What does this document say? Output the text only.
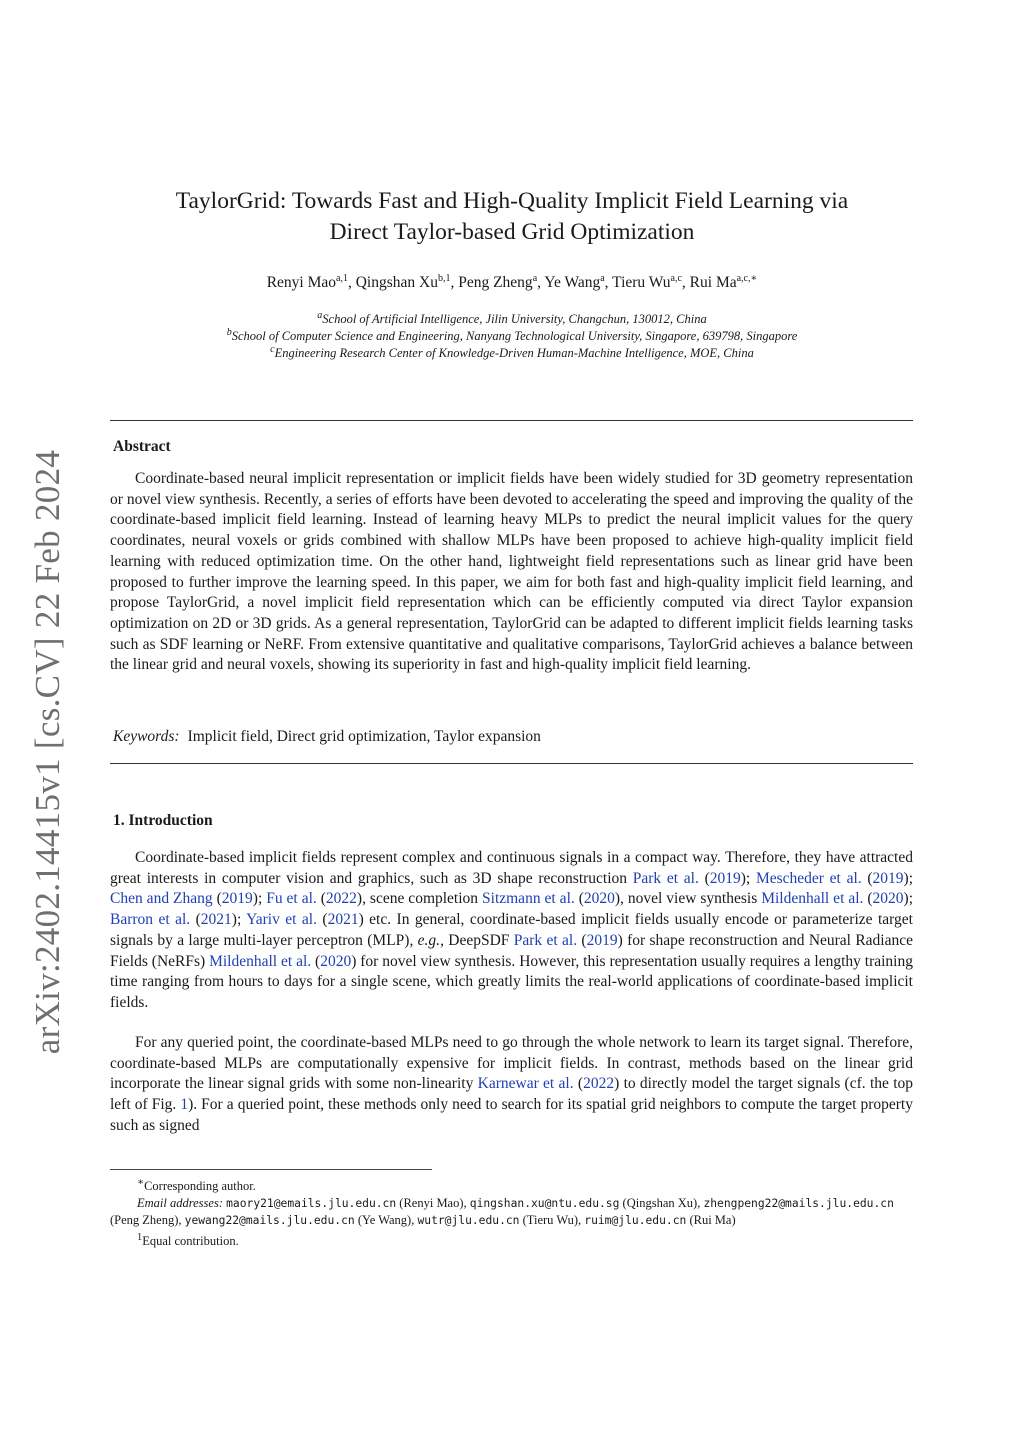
arXiv:2402.14415v1 [cs.CV] 22 Feb 2024
TaylorGrid: Towards Fast and High-Quality Implicit Field Learning via
Direct Taylor-based Grid Optimization
Renyi Mao$^{a,1}$, Qingshan Xu$^{b,1}$, Peng Zheng$^a$, Ye Wang$^a$, Tieru Wu$^{a,c}$, Rui $Ma^{a,c,∗}$
$^a$School of Artificial Intelligence, Jilin University, Changchun, 130012, China
$^b$School of Computer Science and Engineering, Nanyang Technological University, Singapore, 639798, Singapore
$^c$Engineering Research Center of Knowledge-Driven Human-Machine Intelligence, MOE, China
Abstract

Coordinate-based neural implicit representation or implicit fields have been widely studied for 3D geometry representation or novel view synthesis. Recently, a series of efforts have been devoted to accelerating the speed and improving the quality of the coordinate-based implicit field learning. Instead of learning heavy MLPs to predict the neural implicit values for the query coordinates, neural voxels or grids combined with shallow MLPs have been proposed to achieve high-quality implicit field learning with reduced optimization time. On the other hand, lightweight field representations such as linear grid have been proposed to further improve the learning speed. In this paper, we aim for both fast and high-quality implicit field learning, and propose TaylorGrid, a novel implicit field representation which can be efficiently computed via direct Taylor expansion optimization on 2D or 3D grids. As a general representation, TaylorGrid can be adapted to different implicit fields learning tasks such as SDF learning or NeRF. From extensive quantitative and qualitative comparisons, TaylorGrid achieves a balance between the linear grid and neural voxels, showing its superiority in fast and high-quality implicit field learning.

Keywords: Implicit field, Direct grid optimization, Taylor expansion
1. Introduction

Coordinate-based implicit fields represent complex and continuous signals in a compact way. Therefore, they have attracted great interests in computer vision and graphics, such as 3D shape reconstruction Park et al. (2019); Mescheder et al. (2019); Chen and Zhang (2019); Fu et al. (2022), scene completion Sitzmann et al. (2020), novel view synthesis Mildenhall et al. (2020); Barron et al. (2021); Yariv et al. (2021) etc. In general, coordinate-based implicit fields usually encode or parameterize target signals by a large multi-layer perceptron (MLP), e.g., DeepSDF Park et al. (2019) for shape reconstruction and Neural Radiance Fields (NeRFs) Mildenhall et al. (2020) for novel view synthesis. However, this representation usually requires a lengthy training time ranging from hours to days for a single scene, which greatly limits the real-world applications of coordinate-based implicit fields.

For any queried point, the coordinate-based MLPs need to go through the whole network to learn its target signal. Therefore, coordinate-based MLPs are computationally expensive for implicit fields. In contrast, methods based on the linear grid incorporate the linear signal grids with some non-linearity Karnewar et al. (2022) to directly model the target signals (cf. the top left of Fig. 1). For a queried point, these methods only need to search for its spatial grid neighbors to compute the target property such as signed

∗Corresponding author.

Email addresses: maory21@emails.jlu.edu.cn (Renyi Mao), qingshan.xu@ntu.edu.sg (Qingshan Xu), zhengpeng22@mails.jlu.edu.cn (Peng Zheng), yewang22@mails.jlu.edu.cn (Ye Wang), wutr@jlu.edu.cn (Tieru Wu), ruim@jlu.edu.cn (Rui Ma)

$^1$Equal contribution.
